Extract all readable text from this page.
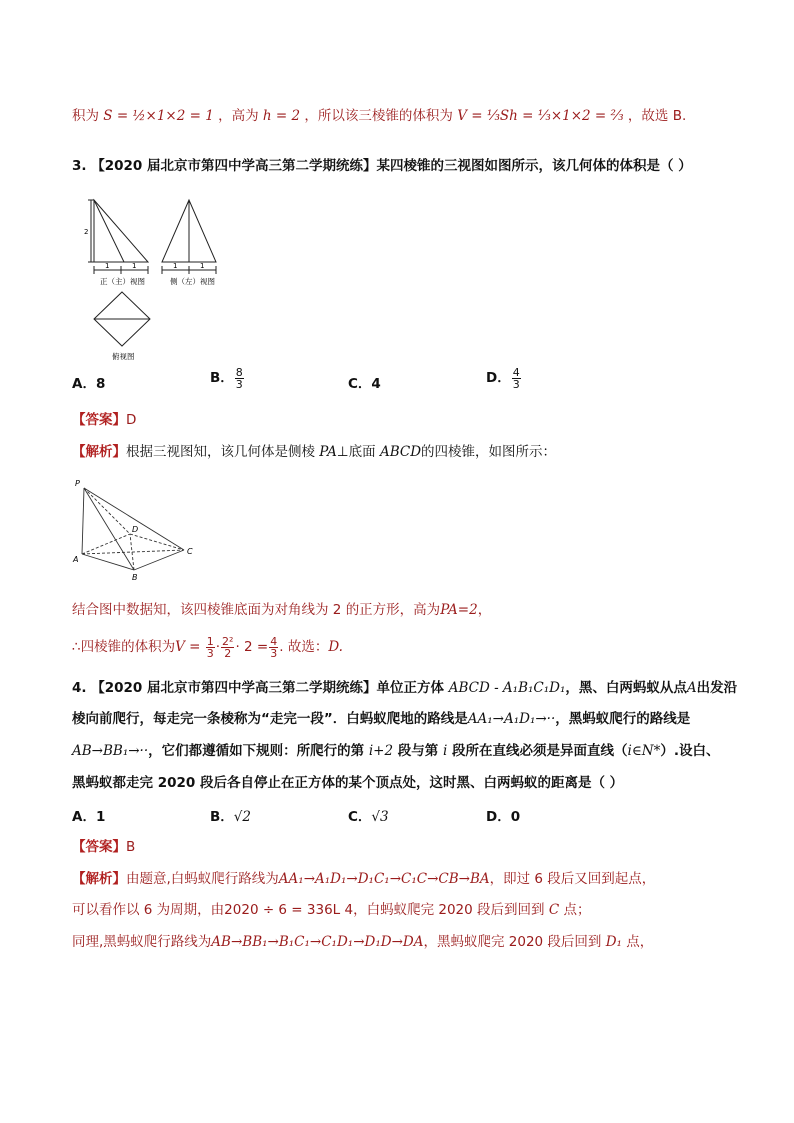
积为 S = ½×1×2 = 1 ，高为 h = 2 ，所以该三棱锥的体积为 V = ⅓Sh = ⅓×1×2 = ⅔ ，故选 B.
3. 【2020 届北京市第四中学高三第二学期统练】某四棱锥的三视图如图所示，该几何体的体积是（ ）
2
1	1
正（主）视图
1	1
侧（左）视图
俯视图
A．8	B． $\frac{8}{3}$	C．4	D． $\frac{4}{3}$
【答案】D
【解析】根据三视图知，该几何体是侧棱 PA⊥底面 ABCD的四棱锥，如图所示：
P
A
B
C
D
结合图中数据知，该四棱锥底面为对角线为 2 的正方形，高为PA=2，
∴四棱锥的体积为$V = \frac{1}{3} \cdot \frac{\text{2²}}{2} \cdot 2 = \frac{4}{3}$ . 故选：D.
4. 【2020 届北京市第四中学高三第二学期统练】单位正方体 ABCD - A₁B₁C₁D₁，黑、白两蚂蚁从点A出发沿
棱向前爬行，每走完一条棱称为“走完一段”．白蚂蚁爬地的路线是AA₁→A₁D₁→··，黑蚂蚁爬行的路线是
AB→BB₁→··，它们都遵循如下规则：所爬行的第 i+2 段与第 i 段所在直线必须是异面直线（i∈N*）.设白、
黑蚂蚁都走完 2020 段后各自停止在正方体的某个顶点处，这时黑、白两蚂蚁的距离是（ ）
A．1	B．√2	C．√3	D．0
【答案】B
【解析】由题意,白蚂蚁爬行路线为AA₁→A₁D₁→D₁C₁→C₁C→CB→BA，即过 6 段后又回到起点，
可以看作以 6 为周期，由2020 ÷ 6 = 336L 4，白蚂蚁爬完 2020 段后到回到 C 点；
同理,黑蚂蚁爬行路线为AB→BB₁→B₁C₁→C₁D₁→D₁D→DA，黑蚂蚁爬完 2020 段后回到 D₁ 点，
